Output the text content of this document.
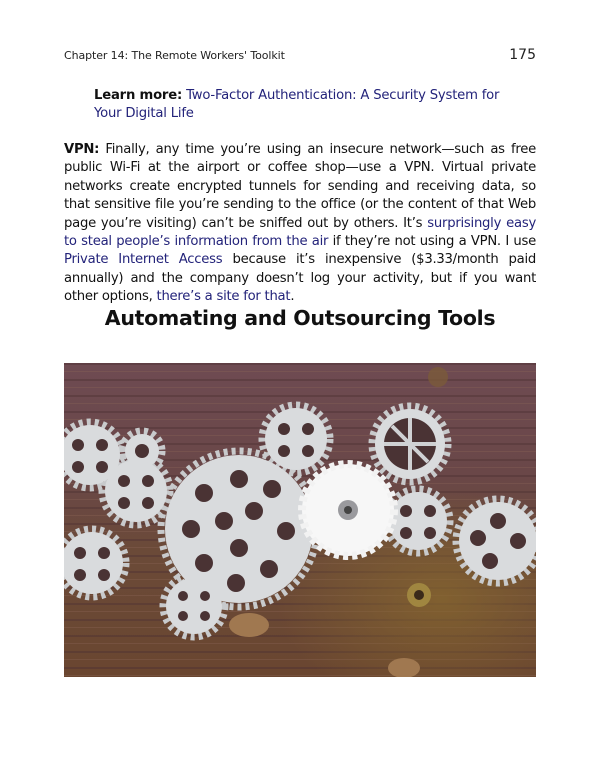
Chapter 14: The Remote Workers' Toolkit	175
Learn more: Two-Factor Authentication: A Security System for Your Digital Life

VPN: Finally, any time you’re using an insecure network—such as free public Wi-Fi at the airport or coffee shop—use a VPN. Virtual private networks create encrypted tunnels for sending and receiving data, so that sensitive file you’re sending to the office (or the content of that Web page you’re visiting) can’t be sniffed out by others. It’s surprisingly easy to steal people’s information from the air if they’re not using a VPN. I use Private Internet Access because it’s inexpensive ($3.33/month paid annually) and the company doesn’t log your activity, but if you want other options, there’s a site for that.

Automating and Outsourcing Tools
